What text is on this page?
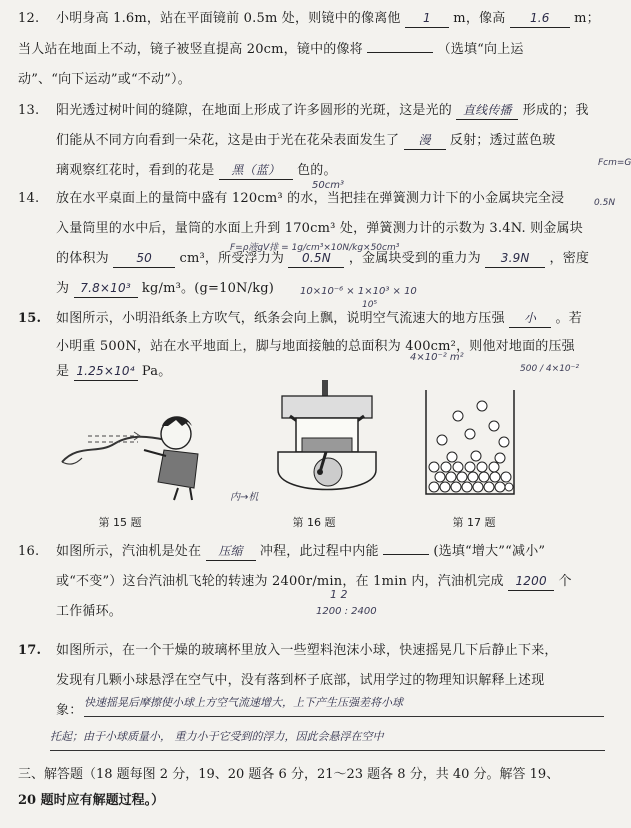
12. 小明身高 1.6m，站在平面镜前 0.5m 处，则镜中的像离他 1 m，像高 1.6 m；
当人站在地面上不动，镜子被竖直提高 20cm，镜中的像将	（选填“向上运
动”、“向下运动”或“不动”）。
13. 阳光透过树叶间的缝隙，在地面上形成了许多圆形的光斑，这是光的 直线传播 形成的；我
们能从不同方向看到一朵花，这是由于光在花朵表面发生了 漫 反射；透过蓝色玻
璃观察红花时，看到的花是 黑（蓝） 色的。	Fcm=G
0.5N
50cm³
14. 放在水平桌面上的量筒中盛有 120cm³ 的水，当把挂在弹簧测力计下的小金属块完全浸
入量筒里的水中后，量筒的水面上升到 170cm³ 处，弹簧测力计的示数为 3.4N. 则金属块
的体积为 50 cm³，所受浮力为 0.5N ，金属块受到的重力为 3.9N ，密度
为 7.8×10³ kg/m³。(g=10N/kg)
F=ρ液gV排 = 1g/cm³×10N/kg×50cm³
10×10⁻⁶ × 1×10³ × 10
10⁵
15. 如图所示，小明沿纸条上方吹气，纸条会向上飘，说明空气流速大的地方压强 小 。若
小明重 500N，站在水平地面上，脚与地面接触的总面积为 400cm²，则他对地面的压强
是 1.25×10⁴ Pa。
4×10⁻² m²
500 / 4×10⁻²
第 15 题	第 16 题
内→机
第 17 题
16. 如图所示，汽油机是处在 压缩 冲程，此过程中内能	(选填“增大”“减小”
或“不变”）这台汽油机飞轮的转速为 2400r/min，在 1min 内，汽油机完成 1200 个
工作循环。
1 2
1200 : 2400
17. 如图所示，在一个干燥的玻璃杯里放入一些塑料泡沫小球，快速摇晃几下后静止下来，
发现有几颗小球悬浮在空气中，没有落到杯子底部，试用学过的物理知识解释上述现
象：
快速摇晃后摩擦使小球上方空气流速增大，上下产生压强差将小球
托起；由于小球质量小， 重力小于它受到的浮力，因此会悬浮在空中
三、解答题（18 题每图 2 分，19、20 题各 6 分，21～23 题各 8 分，共 40 分。解答 19、
20 题时应有解题过程。）
